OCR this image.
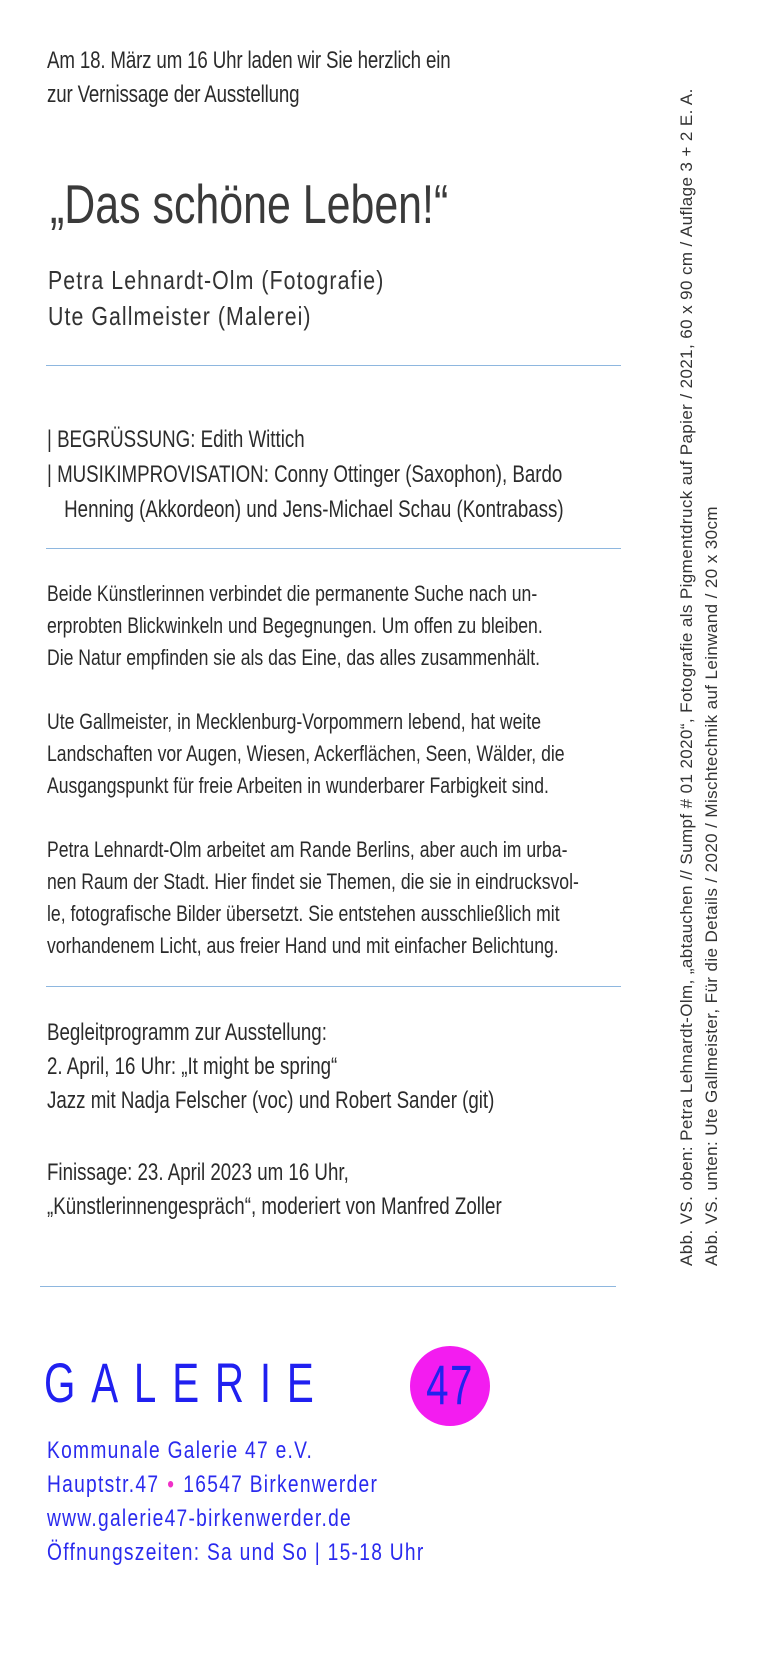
Am 18. März um 16 Uhr laden wir Sie herzlich ein
zur Vernissage der Ausstellung
„Das schöne Leben!“
Petra Lehnardt-Olm (Fotografie)
Ute Gallmeister (Malerei)
| BEGRÜSSUNG: Edith Wittich
| MUSIKIMPROVISATION: Conny Ottinger (Saxophon), Bardo
Henning (Akkordeon) und Jens-Michael Schau (Kontrabass)
Beide Künstlerinnen verbindet die permanente Suche nach un-
erprobten Blickwinkeln und Begegnungen. Um offen zu bleiben.
Die Natur empfinden sie als das Eine, das alles zusammenhält.
Ute Gallmeister, in Mecklenburg-Vorpommern lebend, hat weite
Landschaften vor Augen, Wiesen, Ackerflächen, Seen, Wälder, die
Ausgangspunkt für freie Arbeiten in wunderbarer Farbigkeit sind.
Petra Lehnardt-Olm arbeitet am Rande Berlins, aber auch im urba-
nen Raum der Stadt. Hier findet sie Themen, die sie in eindrucksvol-
le, fotografische Bilder übersetzt. Sie entstehen ausschließlich mit
vorhandenem Licht, aus freier Hand und mit einfacher Belichtung.
Begleitprogramm zur Ausstellung:
2. April, 16 Uhr: „It might be spring“
Jazz mit Nadja Felscher (voc) und Robert Sander (git)
Finissage: 23. April 2023 um 16 Uhr,
„Künstlerinnengespräch“, moderiert von Manfred Zoller
GALERIE 47
Kommunale Galerie 47 e.V.
Hauptstr.47 • 16547 Birkenwerder
www.galerie47-birkenwerder.de
Öffnungszeiten: Sa und So | 15-18 Uhr
Abb. VS. oben: Petra Lehnardt-Olm, „abtauchen // Sumpf # 01 2020“, Fotografie als Pigmentdruck auf Papier / 2021, 60 x 90 cm / Auflage 3 + 2 E. A. Abb. VS. unten: Ute Gallmeister, Für die Details / 2020 / Mischtechnik auf Leinwand / 20 x 30cm
